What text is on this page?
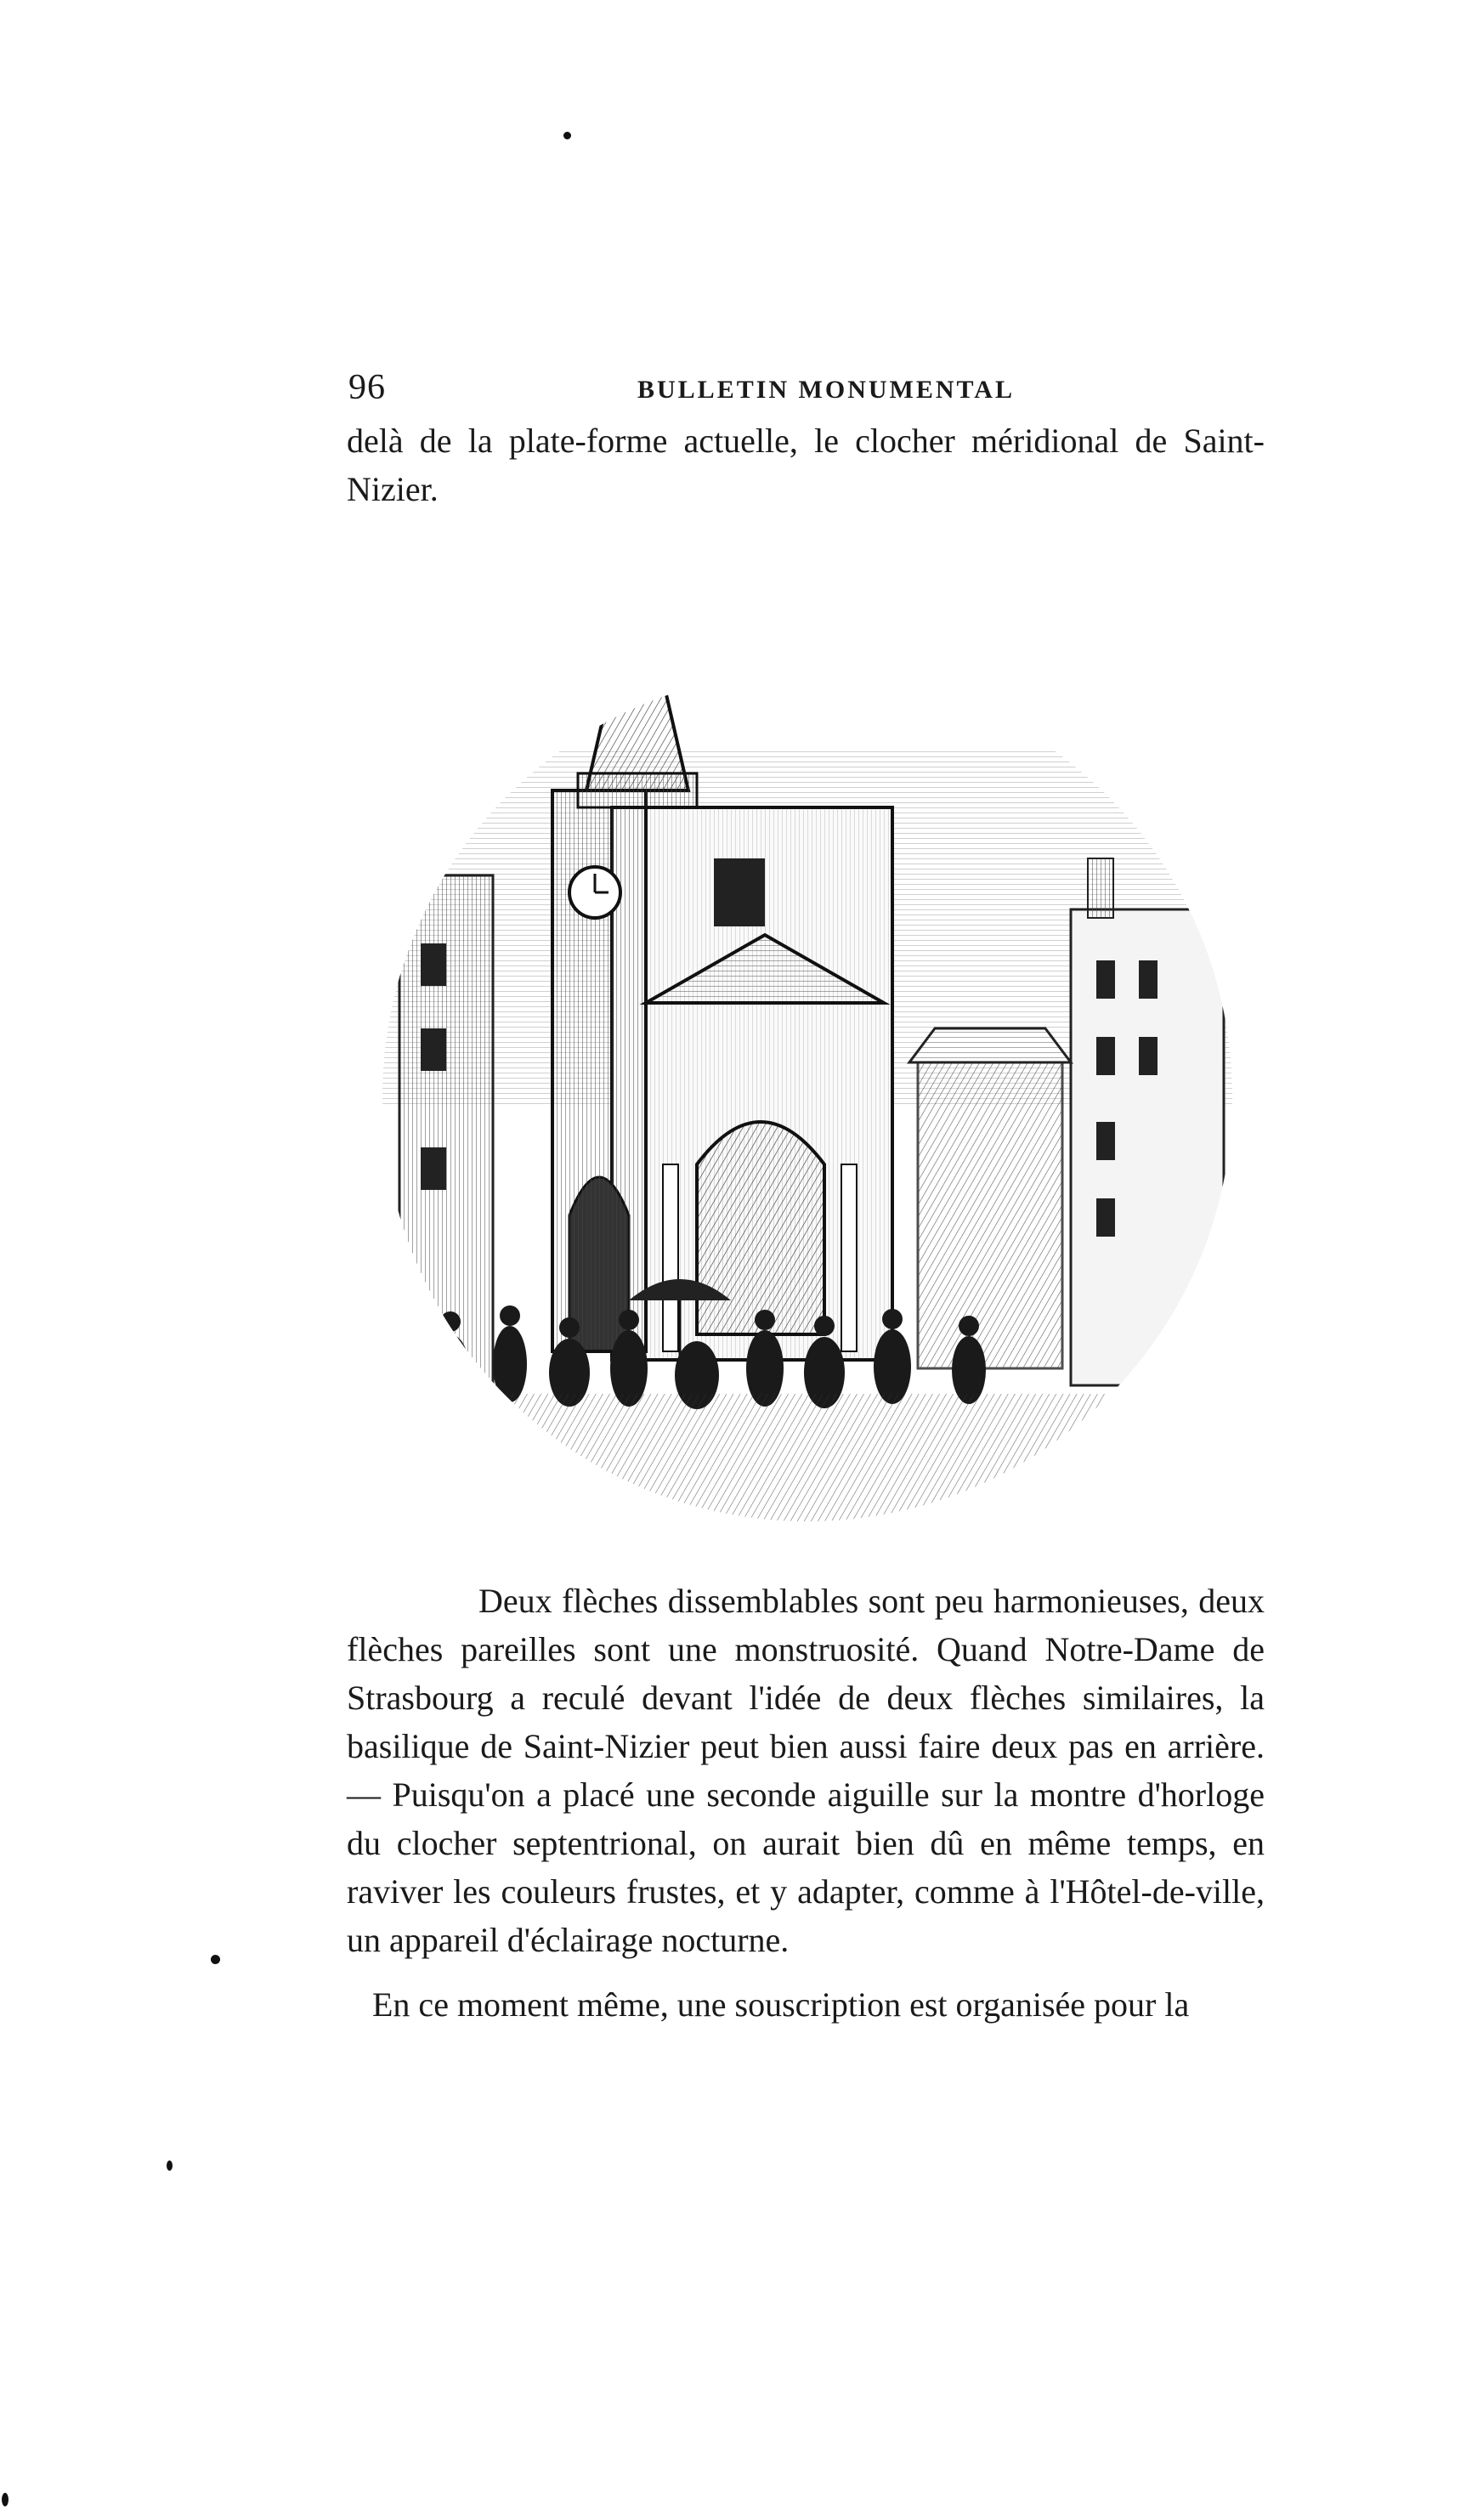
96	BULLETIN MONUMENTAL

delà de la plate-forme actuelle, le clocher méridional de Saint-Nizier.

Deux flèches dissemblables sont peu harmonieuses, deux flèches pareilles sont une monstruosité. Quand Notre-Dame de Strasbourg a reculé devant l'idée de deux flèches similaires, la basilique de Saint-Nizier peut bien aussi faire deux pas en arrière. — Puisqu'on a placé une seconde aiguille sur la montre d'horloge du clocher septentrional, on aurait bien dû en même temps, en raviver les couleurs frustes, et y adapter, comme à l'Hôtel-de-ville, un appareil d'éclairage nocturne.

En ce moment même, une souscription est organisée pour la
